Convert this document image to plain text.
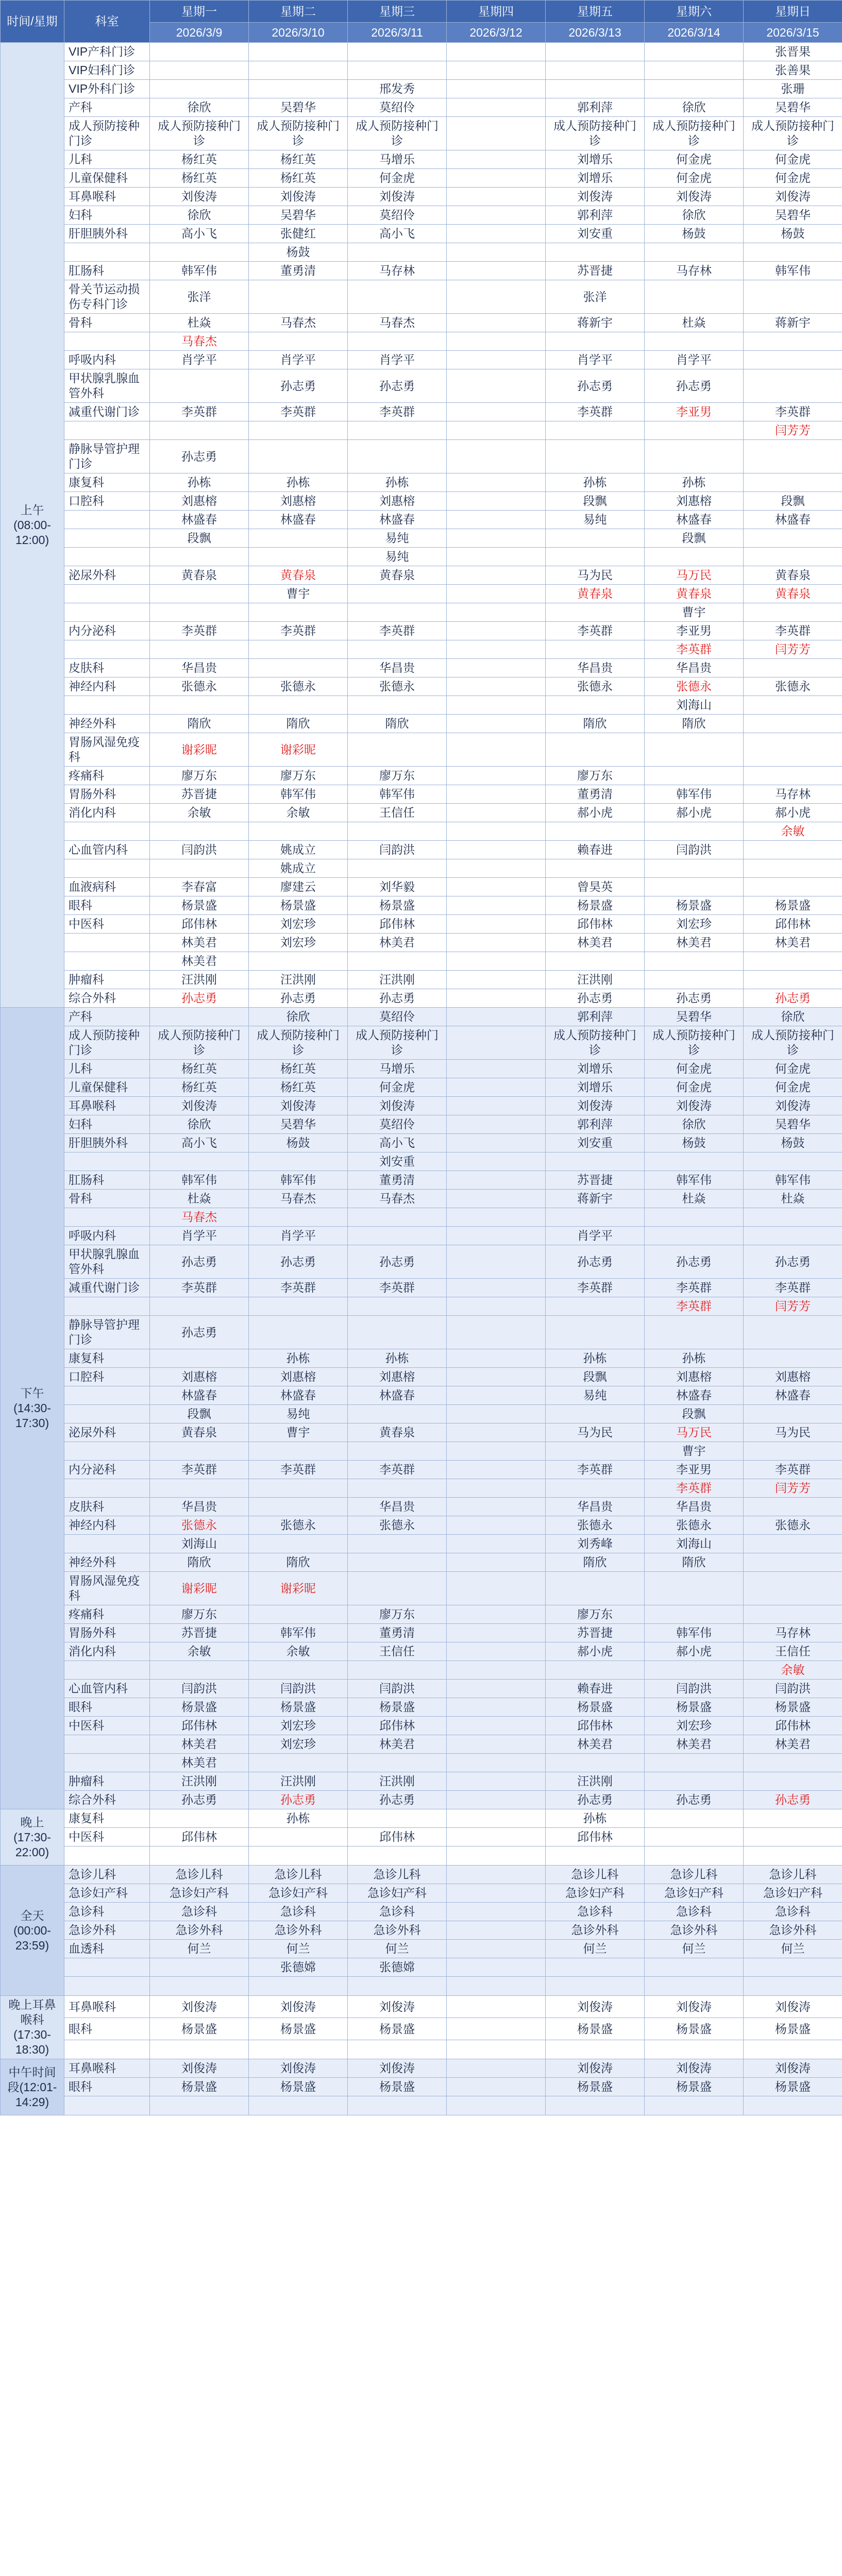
时间/星期	科室	星期一	星期二	星期三	星期四	星期五	星期六	星期日
		2026/3/9	2026/3/10	2026/3/11	2026/3/12	2026/3/13	2026/3/14	2026/3/15
上午(08:00-12:00)	VIP产科门诊							张晋果
	VIP妇科门诊							张善果
	VIP外科门诊			邢发秀				张珊
	产科	徐欣	吴碧华	莫绍伶		郭利萍	徐欣	吴碧华
	成人预防接种门诊	成人预防接种门诊	成人预防接种门诊	成人预防接种门诊		成人预防接种门诊	成人预防接种门诊	成人预防接种门诊
	儿科	杨红英	杨红英	马增乐		刘增乐	何金虎	何金虎
	儿童保健科	杨红英	杨红英	何金虎		刘增乐	何金虎	何金虎
	耳鼻喉科	刘俊涛	刘俊涛	刘俊涛		刘俊涛	刘俊涛	刘俊涛
	妇科	徐欣	吴碧华	莫绍伶		郭利萍	徐欣	吴碧华
	肝胆胰外科	高小飞	张健红	高小飞		刘安重	杨鼓	杨鼓
			杨鼓					
	肛肠科	韩军伟	董勇清	马存林		苏晋捷	马存林	韩军伟
	骨关节运动损伤专科门诊	张洋				张洋		
	骨科	杜焱	马春杰	马春杰		蒋新宇	杜焱	蒋新宇
		马春杰						
	呼吸内科	肖学平	肖学平	肖学平		肖学平	肖学平	
	甲状腺乳腺血管外科		孙志勇	孙志勇		孙志勇	孙志勇	
	减重代谢门诊	李英群	李英群	李英群		李英群	李亚男	李英群
								闫芳芳
	静脉导管护理门诊	孙志勇						
	康复科	孙栋	孙栋	孙栋		孙栋	孙栋	
	口腔科	刘惠榕	刘惠榕	刘惠榕		段飘	刘惠榕	段飘
		林盛春	林盛春	林盛春		易纯	林盛春	林盛春
		段飘		易纯			段飘	
				易纯				
	泌尿外科	黄春泉	黄春泉	黄春泉		马为民	马万民	黄春泉
			曹宇			黄春泉	黄春泉	黄春泉
							曹宇	
	内分泌科	李英群	李英群	李英群		李英群	李亚男	李英群
							李英群	闫芳芳
	皮肤科	华昌贵		华昌贵		华昌贵	华昌贵	
	神经内科	张德永	张德永	张德永		张德永	张德永	张德永
							刘海山	
	神经外科	隋欣	隋欣	隋欣		隋欣	隋欣	
	胃肠风湿免疫科	谢彩昵	谢彩昵					
	疼痛科	廖万东	廖万东	廖万东		廖万东		
	胃肠外科	苏晋捷	韩军伟	韩军伟		董勇清	韩军伟	马存林
	消化内科	余敏	余敏	王信任		郝小虎	郝小虎	郝小虎
								余敏
	心血管内科	闫韵洪	姚成立	闫韵洪		赖春进	闫韵洪	
			姚成立					
	血液病科	李春富	廖建云	刘华毅		曾昊英		
	眼科	杨景盛	杨景盛	杨景盛		杨景盛	杨景盛	杨景盛
	中医科	邱伟林	刘宏珍	邱伟林		邱伟林	刘宏珍	邱伟林
		林美君	刘宏珍	林美君		林美君	林美君	林美君
		林美君						
	肿瘤科	汪洪刚	汪洪刚	汪洪刚		汪洪刚		
	综合外科	孙志勇	孙志勇	孙志勇		孙志勇	孙志勇	孙志勇
下午(14:30-17:30)	产科		徐欣	莫绍伶		郭利萍	吴碧华	徐欣
	成人预防接种门诊	成人预防接种门诊	成人预防接种门诊	成人预防接种门诊		成人预防接种门诊	成人预防接种门诊	成人预防接种门诊
	儿科	杨红英	杨红英	马增乐		刘增乐	何金虎	何金虎
	儿童保健科	杨红英	杨红英	何金虎		刘增乐	何金虎	何金虎
	耳鼻喉科	刘俊涛	刘俊涛	刘俊涛		刘俊涛	刘俊涛	刘俊涛
	妇科	徐欣	吴碧华	莫绍伶		郭利萍	徐欣	吴碧华
	肝胆胰外科	高小飞	杨鼓	高小飞		刘安重	杨鼓	杨鼓
				刘安重				
	肛肠科	韩军伟	韩军伟	董勇清		苏晋捷	韩军伟	韩军伟
	骨科	杜焱	马春杰	马春杰		蒋新宇	杜焱	杜焱
		马春杰						
	呼吸内科	肖学平	肖学平			肖学平		
	甲状腺乳腺血管外科	孙志勇	孙志勇	孙志勇		孙志勇	孙志勇	孙志勇
	减重代谢门诊	李英群	李英群	李英群		李英群	李英群	李英群
							李英群	闫芳芳
	静脉导管护理门诊	孙志勇						
	康复科		孙栋	孙栋		孙栋	孙栋	
	口腔科	刘惠榕	刘惠榕	刘惠榕		段飘	刘惠榕	刘惠榕
		林盛春	林盛春	林盛春		易纯	林盛春	林盛春
		段飘	易纯				段飘	
	泌尿外科	黄春泉	曹宇	黄春泉		马为民	马万民	马为民
							曹宇	
	内分泌科	李英群	李英群	李英群		李英群	李亚男	李英群
							李英群	闫芳芳
	皮肤科	华昌贵		华昌贵		华昌贵	华昌贵	
	神经内科	张德永	张德永	张德永		张德永	张德永	张德永
		刘海山				刘秀峰	刘海山	
	神经外科	隋欣	隋欣			隋欣	隋欣	
	胃肠风湿免疫科	谢彩昵	谢彩昵					
	疼痛科	廖万东		廖万东		廖万东		
	胃肠外科	苏晋捷	韩军伟	董勇清		苏晋捷	韩军伟	马存林
	消化内科	余敏	余敏	王信任		郝小虎	郝小虎	王信任
								余敏
	心血管内科	闫韵洪	闫韵洪	闫韵洪		赖春进	闫韵洪	闫韵洪
	眼科	杨景盛	杨景盛	杨景盛		杨景盛	杨景盛	杨景盛
	中医科	邱伟林	刘宏珍	邱伟林		邱伟林	刘宏珍	邱伟林
		林美君	刘宏珍	林美君		林美君	林美君	林美君
		林美君						
	肿瘤科	汪洪刚	汪洪刚	汪洪刚		汪洪刚		
	综合外科	孙志勇	孙志勇	孙志勇		孙志勇	孙志勇	孙志勇
晚上(17:30-22:00)	康复科		孙栋			孙栋		
	中医科	邱伟林		邱伟林		邱伟林		

全天(00:00-23:59)	急诊儿科	急诊儿科	急诊儿科	急诊儿科		急诊儿科	急诊儿科	急诊儿科
	急诊妇产科	急诊妇产科	急诊妇产科	急诊妇产科		急诊妇产科	急诊妇产科	急诊妇产科
	急诊科	急诊科	急诊科	急诊科		急诊科	急诊科	急诊科
	急诊外科	急诊外科	急诊外科	急诊外科		急诊外科	急诊外科	急诊外科
	血透科	何兰	何兰	何兰		何兰	何兰	何兰
			张德嫦	张德嫦				

晚上耳鼻喉科(17:30-18:30)	耳鼻喉科	刘俊涛	刘俊涛	刘俊涛		刘俊涛	刘俊涛	刘俊涛
	眼科	杨景盛	杨景盛	杨景盛		杨景盛	杨景盛	杨景盛

中午时间段(12:01-14:29)	耳鼻喉科	刘俊涛	刘俊涛	刘俊涛		刘俊涛	刘俊涛	刘俊涛
	眼科	杨景盛	杨景盛	杨景盛		杨景盛	杨景盛	杨景盛
